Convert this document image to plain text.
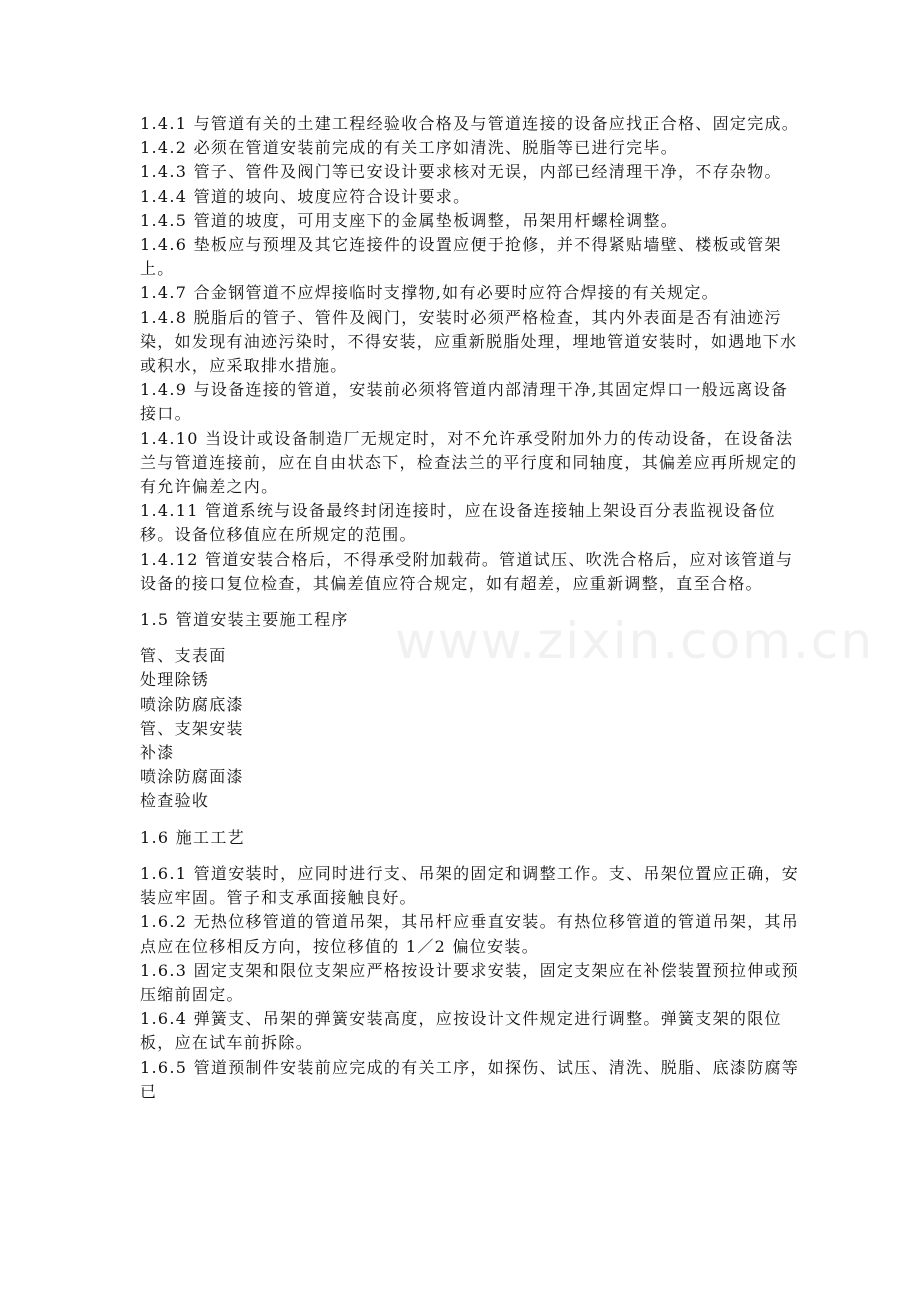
www.zixin.com.cn

1.4.1 与管道有关的土建工程经验收合格及与管道连接的设备应找正合格、固定完成。

1.4.2 必须在管道安装前完成的有关工序如清洗、脱脂等已进行完毕。

1.4.3 管子、管件及阀门等已安设计要求核对无误，内部已经清理干净，不存杂物。

1.4.4 管道的坡向、坡度应符合设计要求。

1.4.5 管道的坡度，可用支座下的金属垫板调整，吊架用杆螺栓调整。

1.4.6 垫板应与预埋及其它连接件的设置应便于抢修，并不得紧贴墙壁、楼板或管架上。

1.4.7 合金钢管道不应焊接临时支撑物,如有必要时应符合焊接的有关规定。

1.4.8 脱脂后的管子、管件及阀门，安装时必须严格检查，其内外表面是否有油迹污染，如发现有油迹污染时，不得安装，应重新脱脂处理，埋地管道安装时，如遇地下水或积水，应采取排水措施。

1.4.9 与设备连接的管道，安装前必须将管道内部清理干净,其固定焊口一般远离设备接口。

1.4.10 当设计或设备制造厂无规定时，对不允许承受附加外力的传动设备，在设备法兰与管道连接前，应在自由状态下，检查法兰的平行度和同轴度，其偏差应再所规定的有允许偏差之内。

1.4.11 管道系统与设备最终封闭连接时，应在设备连接轴上架设百分表监视设备位移。设备位移值应在所规定的范围。

1.4.12 管道安装合格后，不得承受附加载荷。管道试压、吹洗合格后，应对该管道与设备的接口复位检查，其偏差值应符合规定，如有超差，应重新调整，直至合格。

1.5 管道安装主要施工程序

管、支表面

处理除锈

喷涂防腐底漆

管、支架安装

补漆

喷涂防腐面漆

检查验收

1.6 施工工艺

1.6.1 管道安装时，应同时进行支、吊架的固定和调整工作。支、吊架位置应正确，安装应牢固。管子和支承面接触良好。

1.6.2 无热位移管道的管道吊架，其吊杆应垂直安装。有热位移管道的管道吊架，其吊点应在位移相反方向，按位移值的 1／2 偏位安装。

1.6.3 固定支架和限位支架应严格按设计要求安装，固定支架应在补偿装置预拉伸或预压缩前固定。

1.6.4 弹簧支、吊架的弹簧安装高度，应按设计文件规定进行调整。弹簧支架的限位板，应在试车前拆除。

1.6.5 管道预制件安装前应完成的有关工序，如探伤、试压、清洗、脱脂、底漆防腐等已
